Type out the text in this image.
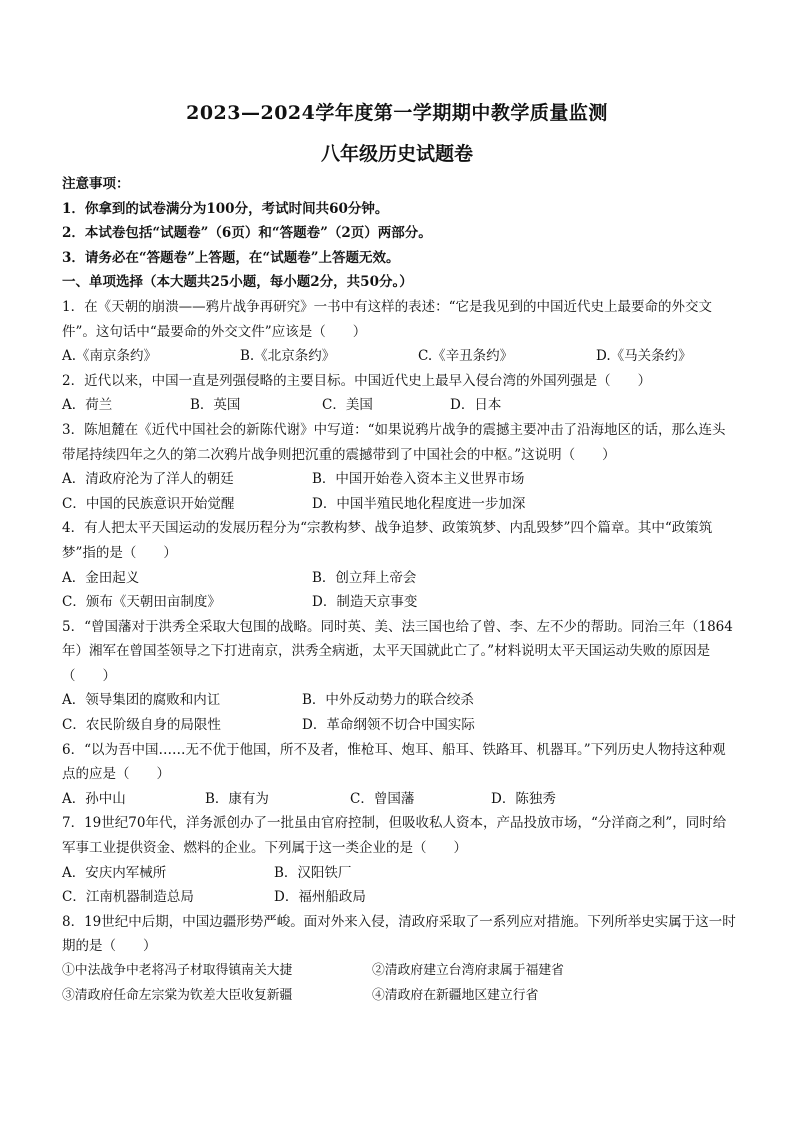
2023—2024学年度第一学期期中教学质量监测
八年级历史试题卷
注意事项：
1．你拿到的试卷满分为100分，考试时间共60分钟。
2．本试卷包括“试题卷”（6页）和“答题卷”（2页）两部分。
3．请务必在“答题卷”上答题，在“试题卷”上答题无效。
一、单项选择（本大题共25小题，每小题2分，共50分。）
1．在《天朝的崩溃——鸦片战争再研究》一书中有这样的表述：“它是我见到的中国近代史上最要命的外交文件”。这句话中“最要命的外交文件”应该是（　　）
A.《南京条约》	B.《北京条约》	C.《辛丑条约》	D.《马关条约》
2．近代以来，中国一直是列强侵略的主要目标。中国近代史上最早入侵台湾的外国列强是（　　）
A．荷兰	B．英国	C．美国	D．日本
3．陈旭麓在《近代中国社会的新陈代谢》中写道：“如果说鸦片战争的震撼主要冲击了沿海地区的话，那么连头带尾持续四年之久的第二次鸦片战争则把沉重的震撼带到了中国社会的中枢。”这说明（　　）
A．清政府沦为了洋人的朝廷	B．中国开始卷入资本主义世界市场
C．中国的民族意识开始觉醒	D．中国半殖民地化程度进一步加深
4．有人把太平天国运动的发展历程分为“宗教构梦、战争追梦、政策筑梦、内乱毁梦”四个篇章。其中“政策筑梦”指的是（　　）
A．金田起义	B．创立拜上帝会
C．颁布《天朝田亩制度》	D．制造天京事变
5．“曾国藩对于洪秀全采取大包围的战略。同时英、美、法三国也给了曾、李、左不少的帮助。同治三年（1864年）湘军在曾国荃领导之下打进南京，洪秀全病逝，太平天国就此亡了。”材料说明太平天国运动失败的原因是（　　）
A．领导集团的腐败和内讧	B．中外反动势力的联合绞杀
C．农民阶级自身的局限性	D．革命纲领不切合中国实际
6．“以为吾中国……无不优于他国，所不及者，惟枪耳、炮耳、船耳、铁路耳、机器耳。”下列历史人物持这种观点的应是（　　）
A．孙中山	B．康有为	C．曾国藩	D．陈独秀
7．19世纪70年代，洋务派创办了一批虽由官府控制，但吸收私人资本，产品投放市场，“分洋商之利”，同时给军事工业提供资金、燃料的企业。下列属于这一类企业的是（　　）
A．安庆内军械所	B．汉阳铁厂
C．江南机器制造总局	D．福州船政局
8．19世纪中后期，中国边疆形势严峻。面对外来入侵，清政府采取了一系列应对措施。下列所举史实属于这一时期的是（　　）
①中法战争中老将冯子材取得镇南关大捷	②清政府建立台湾府隶属于福建省
③清政府任命左宗棠为钦差大臣收复新疆	④清政府在新疆地区建立行省
